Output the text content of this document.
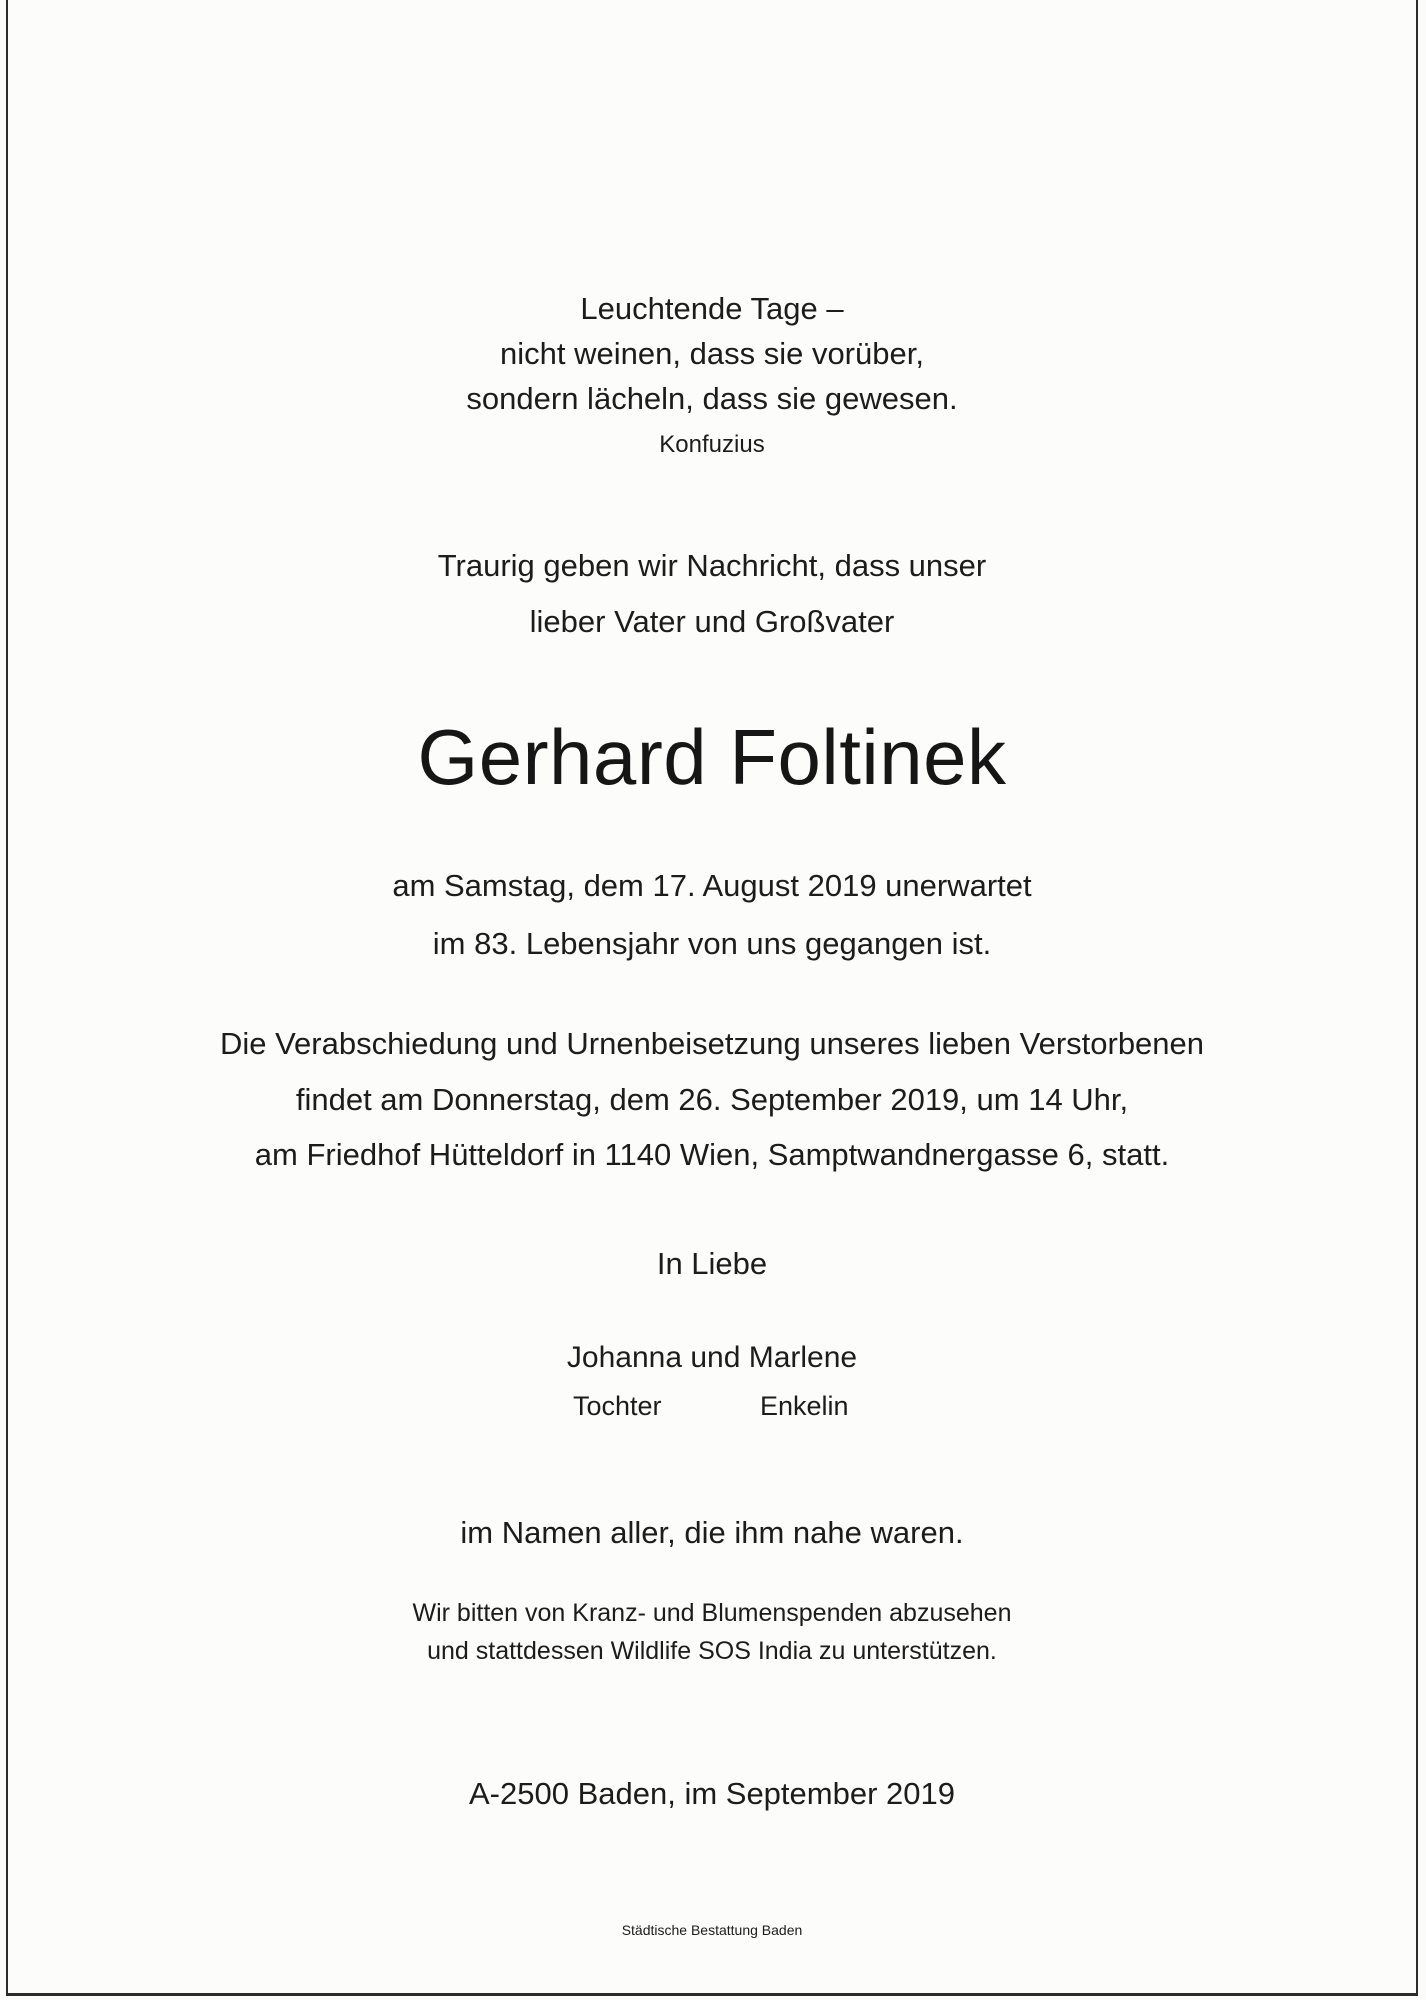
Leuchtende Tage –
nicht weinen, dass sie vorüber,
sondern lächeln, dass sie gewesen.
Konfuzius
Traurig geben wir Nachricht, dass unser
lieber Vater und Großvater
Gerhard Foltinek
am Samstag, dem 17. August 2019 unerwartet
im 83. Lebensjahr von uns gegangen ist.
Die Verabschiedung und Urnenbeisetzung unseres lieben Verstorbenen
findet am Donnerstag, dem 26. September 2019, um 14 Uhr,
am Friedhof Hütteldorf in 1140 Wien, Samptwandnergasse 6, statt.
In Liebe
Johanna und Marlene
Tochter	Enkelin
im Namen aller, die ihm nahe waren.
Wir bitten von Kranz- und Blumenspenden abzusehen
und stattdessen Wildlife SOS India zu unterstützen.
A-2500 Baden, im September 2019
Städtische Bestattung Baden
